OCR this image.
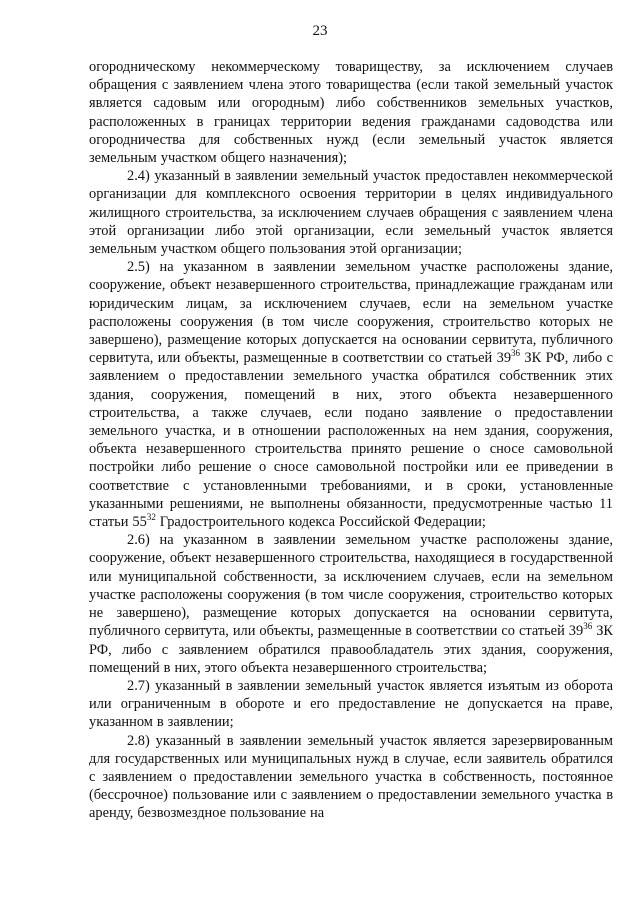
23

огородническому некоммерческому товариществу, за исключением случаев обращения с заявлением члена этого товарищества (если такой земельный участок является садовым или огородным) либо собственников земельных участков, расположенных в границах территории ведения гражданами садоводства или огородничества для собственных нужд (если земельный участок является земельным участком общего назначения);

2.4) указанный в заявлении земельный участок предоставлен некоммерческой организации для комплексного освоения территории в целях индивидуального жилищного строительства, за исключением случаев обращения с заявлением члена этой организации либо этой организации, если земельный участок является земельным участком общего пользования этой организации;

2.5) на указанном в заявлении земельном участке расположены здание, сооружение, объект незавершенного строительства, принадлежащие гражданам или юридическим лицам, за исключением случаев, если на земельном участке расположены сооружения (в том числе сооружения, строительство которых не завершено), размещение которых допускается на основании сервитута, публичного сервитута, или объекты, размещенные в соответствии со статьей $39^{36}$ ЗК РФ, либо с заявлением о предоставлении земельного участка обратился собственник этих здания, сооружения, помещений в них, этого объекта незавершенного строительства, а также случаев, если подано заявление о предоставлении земельного участка, и в отношении расположенных на нем здания, сооружения, объекта незавершенного строительства принято решение о сносе самовольной постройки либо решение о сносе самовольной постройки или ее приведении в соответствие с установленными требованиями, и в сроки, установленные указанными решениями, не выполнены обязанности, предусмотренные частью 11 статьи $55^{32}$ Градостроительного кодекса Российской Федерации;

2.6) на указанном в заявлении земельном участке расположены здание, сооружение, объект незавершенного строительства, находящиеся в государственной или муниципальной собственности, за исключением случаев, если на земельном участке расположены сооружения (в том числе сооружения, строительство которых не завершено), размещение которых допускается на основании сервитута, публичного сервитута, или объекты, размещенные в соответствии со статьей $39^{36}$ ЗК РФ, либо с заявлением обратился правообладатель этих здания, сооружения, помещений в них, этого объекта незавершенного строительства;

2.7) указанный в заявлении земельный участок является изъятым из оборота или ограниченным в обороте и его предоставление не допускается на праве, указанном в заявлении;

2.8) указанный в заявлении земельный участок является зарезервированным для государственных или муниципальных нужд в случае, если заявитель обратился с заявлением о предоставлении земельного участка в собственность, постоянное (бессрочное) пользование или с заявлением о предоставлении земельного участка в аренду, безвозмездное пользование на
